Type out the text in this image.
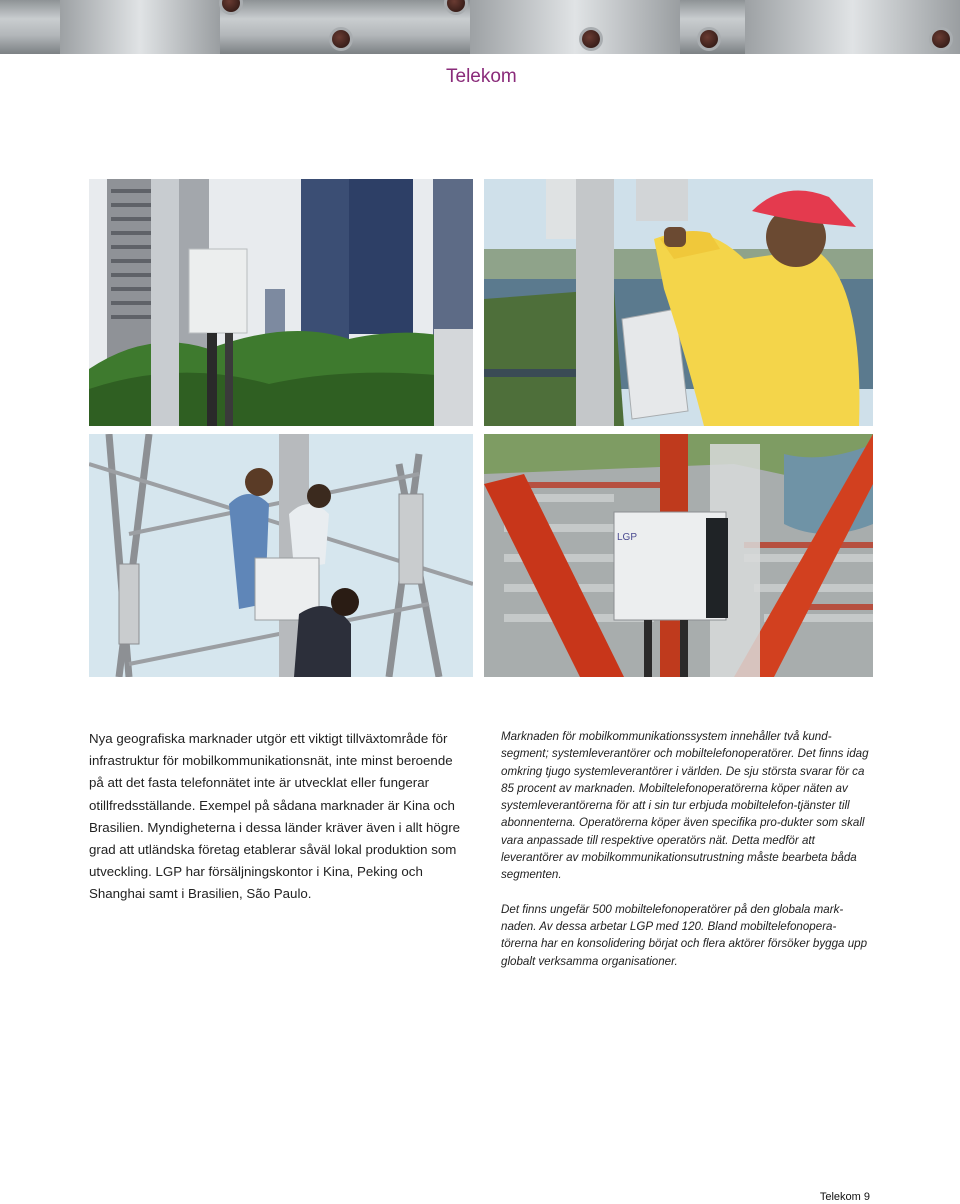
Telekom
LGP
Nya geografiska marknader utgör ett viktigt tillväxtområde för infrastruktur för mobilkommunikationsnät, inte minst beroende på att det fasta telefonnätet inte är utvecklat eller fungerar otillfredsställande. Exempel på sådana marknader är Kina och Brasilien. Myndigheterna i dessa länder kräver även i allt högre grad att utländska företag etablerar såväl lokal produktion som utveckling. LGP har försäljningskontor i Kina, Peking och Shanghai samt i Brasilien, São Paulo.

Marknaden för mobilkommunikationssystem innehåller två kund-segment; systemleverantörer och mobiltelefonoperatörer. Det finns idag omkring tjugo systemleverantörer i världen. De sju största svarar för ca 85 procent av marknaden. Mobiltelefonoperatörerna köper näten av systemleverantörerna för att i sin tur erbjuda mobiltelefon-tjänster till abonnenterna. Operatörerna köper även specifika pro-dukter som skall vara anpassade till respektive operatörs nät. Detta medför att leverantörer av mobilkommunikationsutrustning måste bearbeta båda segmenten.

Det finns ungefär 500 mobiltelefonoperatörer på den globala mark-naden. Av dessa arbetar LGP med 120. Bland mobiltelefonopera-törerna har en konsolidering börjat och flera aktörer försöker bygga upp globalt verksamma organisationer.

Telekom 9
